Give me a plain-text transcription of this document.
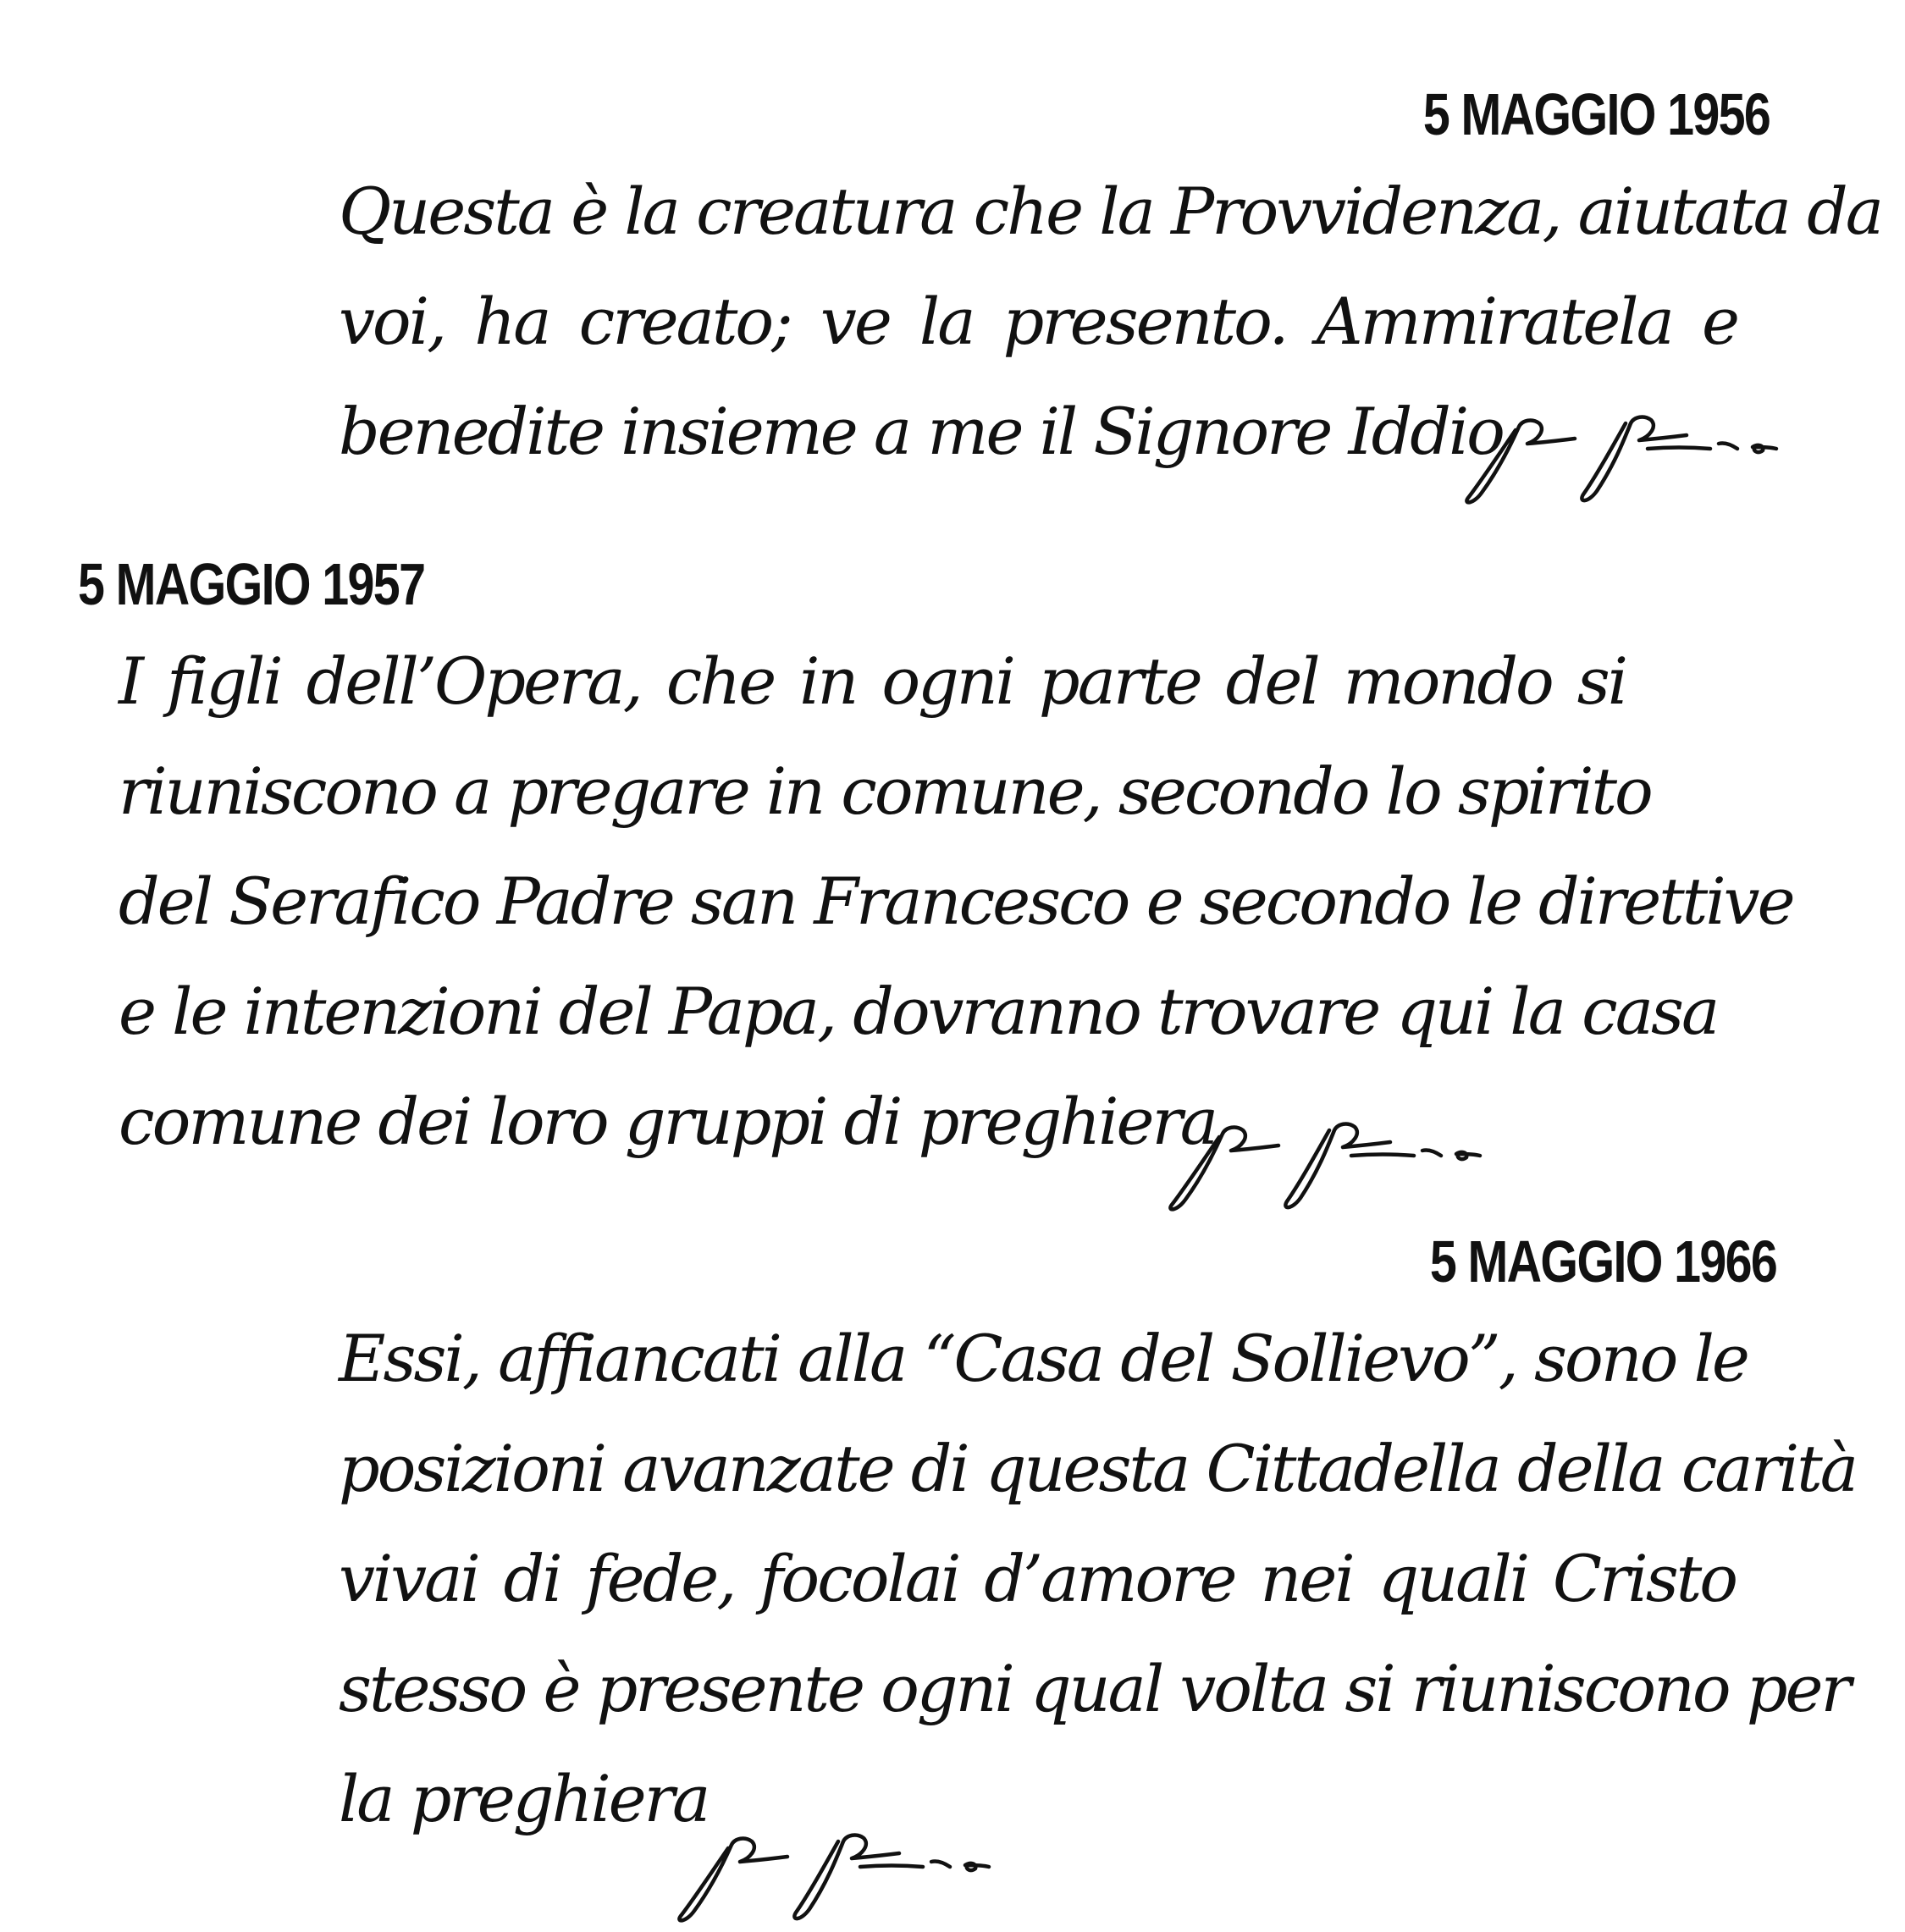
5 MAGGIO 1956
Questa è la creatura che la Provvidenza, aiutata da
voi, ha creato; ve la presento. Ammiratela e
benedite insieme a me il Signore Iddio
5 MAGGIO 1957
I figli dell’Opera, che in ogni parte del mondo si
riuniscono a pregare in comune, secondo lo spirito
del Serafico Padre san Francesco e secondo le direttive
e le intenzioni del Papa, dovranno trovare qui la casa
comune dei loro gruppi di preghiera
5 MAGGIO 1966
Essi, affiancati alla “Casa del Sollievo”, sono le
posizioni avanzate di questa Cittadella della carità
vivai di fede, focolai d’amore nei quali Cristo
stesso è presente ogni qual volta si riuniscono per
la preghiera
